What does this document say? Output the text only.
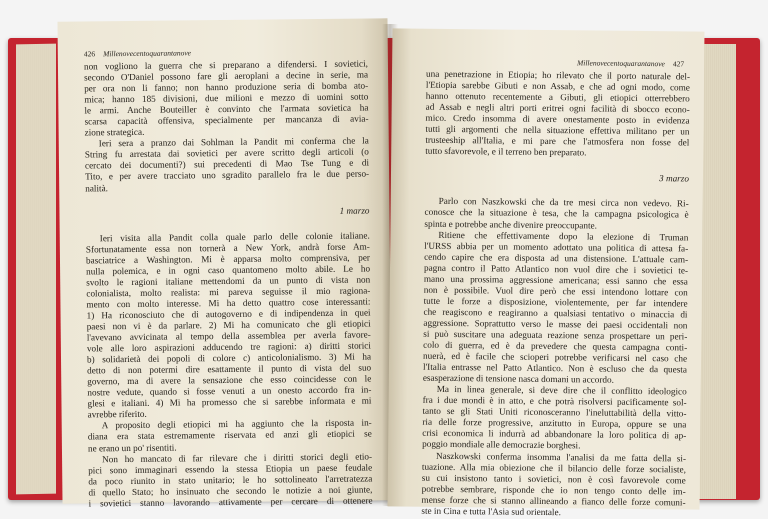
426 Millenovecentoquarantanove
non vogliono la guerra che si preparano a difendersi. I sovietici,
secondo O'Daniel possono fare gli aeroplani a decine in serie, ma
per ora non li fanno; non hanno produzione seria di bomba ato-
mica; hanno 185 divisioni, due milioni e mezzo di uomini sotto
le armi. Anche Bouteiller è convinto che l'armata sovietica ha
scarsa capacità offensiva, specialmente per mancanza di avia-
zione strategica.
Ieri sera a pranzo dai Sohlman la Pandit mi conferma che la
String fu arrestata dai sovietici per avere scritto degli articoli (o
cercato dei documenti?) sui precedenti di Mao Tse Tung e di
Tito, e per avere tracciato uno sgradito parallelo fra le due perso-
nalità.
1 marzo
Ieri visita alla Pandit colla quale parlo delle colonie italiane.
Sfortunatamente essa non tornerà a New York, andrà forse Am-
basciatrice a Washington. Mi è apparsa molto comprensiva, per
nulla polemica, e in ogni caso quantomeno molto abile. Le ho
svolto le ragioni italiane mettendomi da un punto di vista non
colonialista, molto realista: mi pareva seguisse il mio ragiona-
mento con molto interesse. Mi ha detto quattro cose interessanti:
1) Ha riconosciuto che di autogoverno e di indipendenza in quei
paesi non vi è da parlare. 2) Mi ha comunicato che gli etiopici
l'avevano avvicinata al tempo della assemblea per averla favore-
vole alle loro aspirazioni adducendo tre ragioni: a) diritti storici
b) solidarietà dei popoli di colore c) anticolonialismo. 3) Mi ha
detto di non potermi dire esattamente il punto di vista del suo
governo, ma di avere la sensazione che esso coincidesse con le
nostre vedute, quando si fosse venuti a un onesto accordo fra in-
glesi e italiani. 4) Mi ha promesso che si sarebbe informata e mi
avrebbe riferito.
A proposito degli etiopici mi ha aggiunto che la risposta in-
diana era stata estremamente riservata ed anzi gli etiopici se
ne erano un po' risentiti.
Non ho mancato di far rilevare che i diritti storici degli etio-
pici sono immaginari essendo la stessa Etiopia un paese feudale
da poco riunito in stato unitario; le ho sottolineato l'arretratezza
di quello Stato; ho insinuato che secondo le notizie a noi giunte,
i sovietici stanno lavorando attivamente per cercare di ottenere
Millenovecentoquarantanove 427
una penetrazione in Etiopia; ho rilevato che il porto naturale del-
l'Etiopia sarebbe Gibuti e non Assab, e che ad ogni modo, come
hanno ottenuto recentemente a Gibuti, gli etiopici otterrebbero
ad Assab e negli altri porti eritrei ogni facilità di sbocco econo-
mico. Credo insomma di avere onestamente posto in evidenza
tutti gli argomenti che nella situazione effettiva militano per un
trusteeship all'Italia, e mi pare che l'atmosfera non fosse del
tutto sfavorevole, e il terreno ben preparato.
3 marzo
Parlo con Naszkowski che da tre mesi circa non vedevo. Ri-
conosce che la situazione è tesa, che la campagna psicologica è
spinta e potrebbe anche divenire preoccupante.
Ritiene che effettivamente dopo la elezione di Truman
l'URSS abbia per un momento adottato una politica di attesa fa-
cendo capire che era disposta ad una distensione. L'attuale cam-
pagna contro il Patto Atlantico non vuol dire che i sovietici te-
mano una prossima aggressione americana; essi sanno che essa
non è possibile. Vuol dire però che essi intendono lottare con
tutte le forze a disposizione, violentemente, per far intendere
che reagiscono e reagiranno a qualsiasi tentativo o minaccia di
aggressione. Soprattutto verso le masse dei paesi occidentali non
si può suscitare una adeguata reazione senza prospettare un peri-
colo di guerra, ed è da prevedere che questa campagna conti-
nuerà, ed è facile che scioperi potrebbe verificarsi nel caso che
l'Italia entrasse nel Patto Atlantico. Non è escluso che da questa
esasperazione di tensione nasca domani un accordo.
Ma in linea generale, si deve dire che il conflitto ideologico
fra i due mondi è in atto, e che potrà risolversi pacificamente sol-
tanto se gli Stati Uniti riconosceranno l'ineluttabilità della vitto-
ria delle forze progressive, anzitutto in Europa, oppure se una
crisi economica li indurrà ad abbandonare la loro politica di ap-
poggio mondiale alle democrazie borghesi.
Naszkowski conferma insomma l'analisi da me fatta della si-
tuazione. Alla mia obiezione che il bilancio delle forze socialiste,
su cui insistono tanto i sovietici, non è così favorevole come
potrebbe sembrare, risponde che io non tengo conto delle im-
mense forze che si stanno allineando a fianco delle forze comuni-
ste in Cina e tutta l'Asia sud orientale.
